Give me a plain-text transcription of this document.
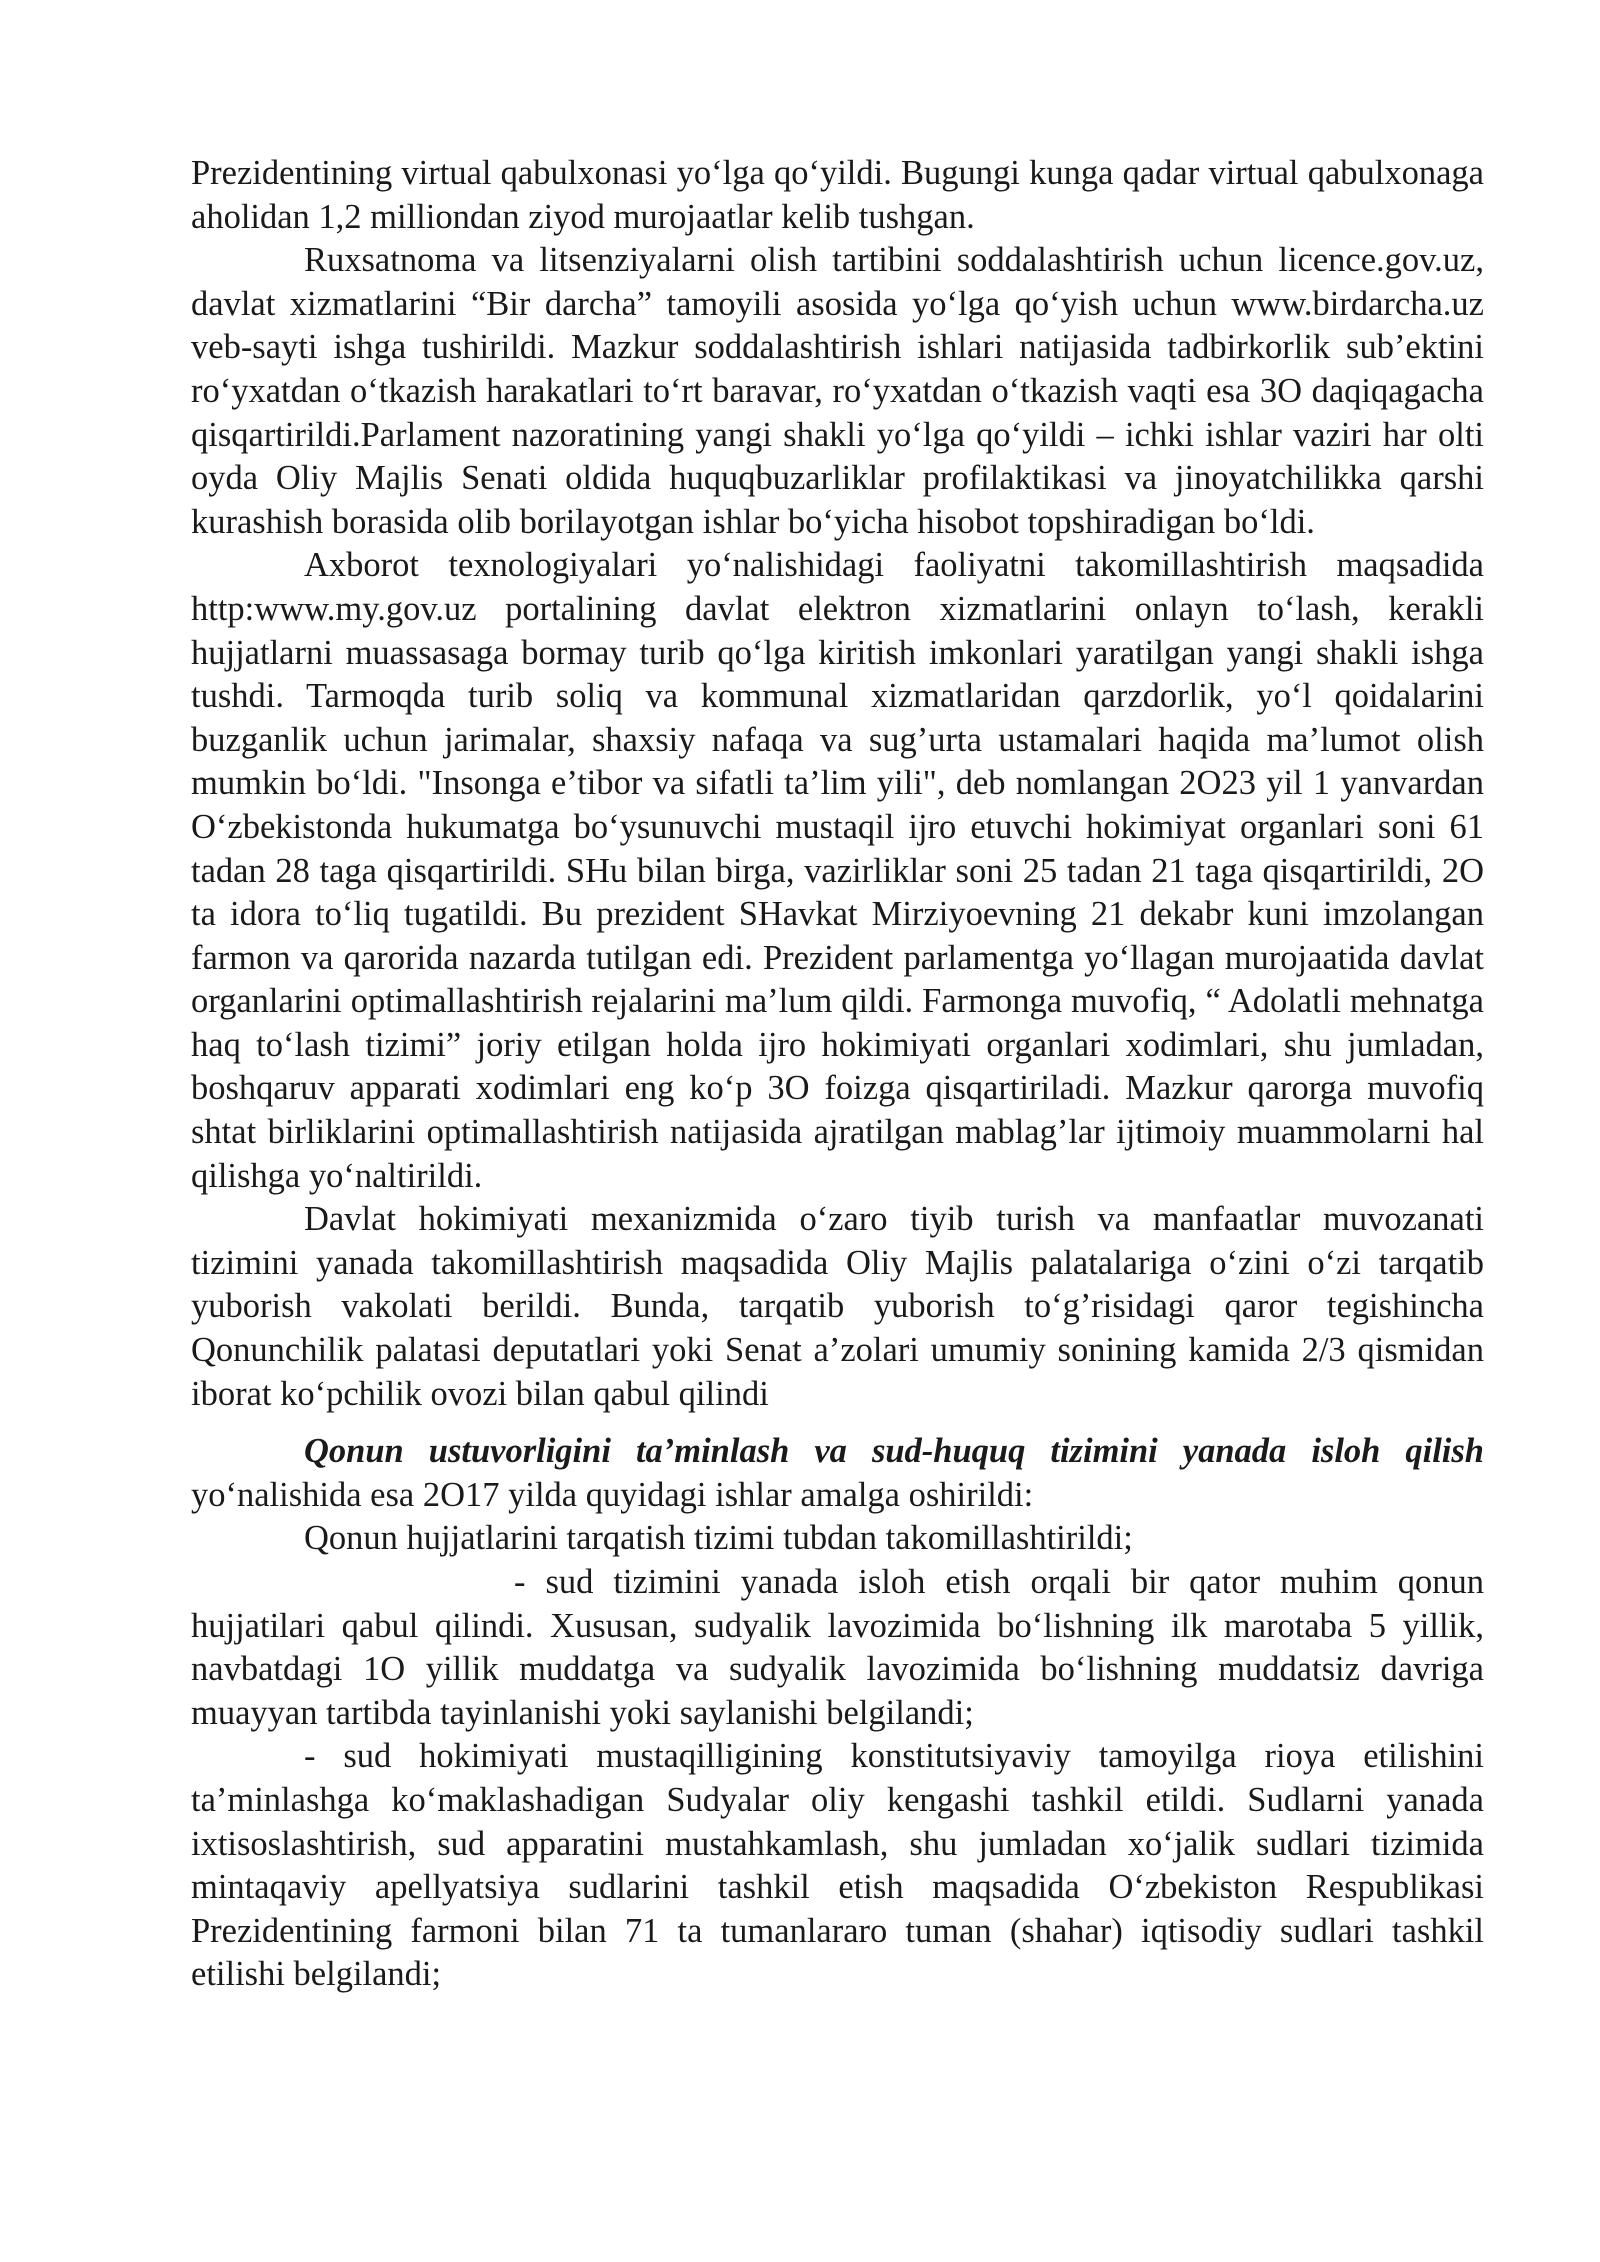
Prezidentining virtual qabulxonasi yo‘lga qo‘yildi. Bugungi kunga qadar virtual qabulxonaga aholidan 1,2 milliondan ziyod murojaatlar kelib tushgan.

Ruxsatnoma va litsenziyalarni olish tartibini soddalashtirish uchun licence.gov.uz, davlat xizmatlarini “Bir darcha” tamoyili asosida yo‘lga qo‘yish uchun www.birdarcha.uz veb-sayti ishga tushirildi. Mazkur soddalashtirish ishlari natijasida tadbirkorlik sub’ektini ro‘yxatdan o‘tkazish harakatlari to‘rt baravar, ro‘yxatdan o‘tkazish vaqti esa 3O daqiqagacha qisqartirildi.Parlament nazoratining yangi shakli yo‘lga qo‘yildi – ichki ishlar vaziri har olti oyda Oliy Majlis Senati oldida huquqbuzarliklar profilaktikasi va jinoyatchilikka qarshi kurashish borasida olib borilayotgan ishlar bo‘yicha hisobot topshiradigan bo‘ldi.

Axborot texnologiyalari yo‘nalishidagi faoliyatni takomillashtirish maqsadida http:www.my.gov.uz portalining davlat elektron xizmatlarini onlayn to‘lash, kerakli hujjatlarni muassasaga bormay turib qo‘lga kiritish imkonlari yaratilgan yangi shakli ishga tushdi. Tarmoqda turib soliq va kommunal xizmatlaridan qarzdorlik, yo‘l qoidalarini buzganlik uchun jarimalar, shaxsiy nafaqa va sug’urta ustamalari haqida ma’lumot olish mumkin bo‘ldi. "Insonga e’tibor va sifatli ta’lim yili", deb nomlangan 2O23 yil 1 yanvardan O‘zbekistonda hukumatga bo‘ysunuvchi mustaqil ijro etuvchi hokimiyat organlari soni 61 tadan 28 taga qisqartirildi. SHu bilan birga, vazirliklar soni 25 tadan 21 taga qisqartirildi, 2O ta idora to‘liq tugatildi. Bu prezident SHavkat Mirziyoevning 21 dekabr kuni imzolangan farmon va qarorida nazarda tutilgan edi. Prezident parlamentga yo‘llagan murojaatida davlat organlarini optimallashtirish rejalarini ma’lum qildi. Farmonga muvofiq, “ Adolatli mehnatga haq to‘lash tizimi” joriy etilgan holda ijro hokimiyati organlari xodimlari, shu jumladan, boshqaruv apparati xodimlari eng ko‘p 3O foizga qisqartiriladi. Mazkur qarorga muvofiq shtat birliklarini optimallashtirish natijasida ajratilgan mablag’lar ijtimoiy muammolarni hal qilishga yo‘naltirildi.

Davlat hokimiyati mexanizmida o‘zaro tiyib turish va manfaatlar muvozanati tizimini yanada takomillashtirish maqsadida Oliy Majlis palatalariga o‘zini o‘zi tarqatib yuborish vakolati berildi. Bunda, tarqatib yuborish to‘g’risidagi qaror tegishincha Qonunchilik palatasi deputatlari yoki Senat a’zolari umumiy sonining kamida 2/3 qismidan iborat ko‘pchilik ovozi bilan qabul qilindi

Qonun ustuvorligini ta’minlash va sud-huquq tizimini yanada isloh qilish yo‘nalishida esa 2O17 yilda quyidagi ishlar amalga oshirildi:

Qonun hujjatlarini tarqatish tizimi tubdan takomillashtirildi;

- sud tizimini yanada isloh etish orqali bir qator muhim qonun hujjatilari qabul qilindi. Xususan, sudyalik lavozimida bo‘lishning ilk marotaba 5 yillik, navbatdagi 1O yillik muddatga va sudyalik lavozimida bo‘lishning muddatsiz davriga muayyan tartibda tayinlanishi yoki saylanishi belgilandi;

- sud hokimiyati mustaqilligining konstitutsiyaviy tamoyilga rioya etilishini ta’minlashga ko‘maklashadigan Sudyalar oliy kengashi tashkil etildi. Sudlarni yanada ixtisoslashtirish, sud apparatini mustahkamlash, shu jumladan xo‘jalik sudlari tizimida mintaqaviy apellyatsiya sudlarini tashkil etish maqsadida O‘zbekiston Respublikasi Prezidentining farmoni bilan 71 ta tumanlararo tuman (shahar) iqtisodiy sudlari tashkil etilishi belgilandi;
